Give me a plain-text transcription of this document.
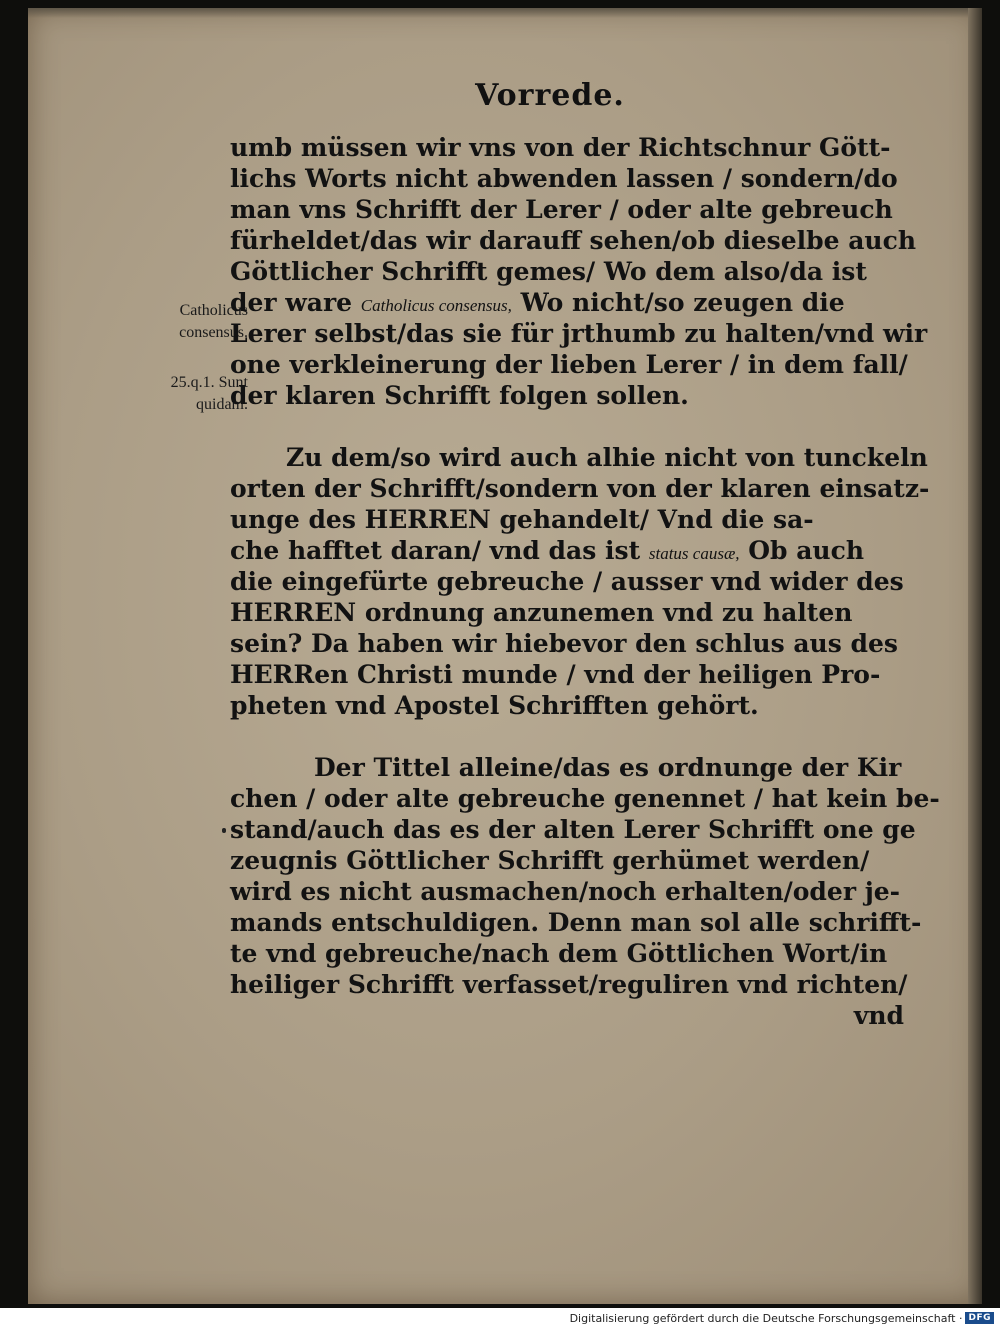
Vorrede.
Catholicus
consensus.
25.q.1. Sunt
quidam.
umb müssen wir vns von der Richtschnur Gött-
lichs Worts nicht abwenden lassen / sondern/do
man vns Schrifft der Lerer / oder alte gebreuch
fürheldet/das wir darauff sehen/ob dieselbe auch
Göttlicher Schrifft gemes/ Wo dem also/da ist
der ware Catholicus consensus, Wo nicht/so zeugen die
Lerer selbst/das sie für jrthumb zu halten/vnd wir
one verkleinerung der lieben Lerer / in dem fall/
der klaren Schrifft folgen sollen.
Zu dem/so wird auch alhie nicht von tunckeln
orten der Schrifft/sondern von der klaren einsatz-
unge des HERREN gehandelt/ Vnd die sa-
che hafftet daran/ vnd das ist status causæ, Ob auch
die eingefürte gebreuche / ausser vnd wider des
HERREN ordnung anzunemen vnd zu halten
sein? Da haben wir hiebevor den schlus aus des
HERRen Christi munde / vnd der heiligen Pro-
pheten vnd Apostel Schrifften gehört.
Der Tittel alleine/das es ordnunge der Kir
chen / oder alte gebreuche genennet / hat kein be-
stand/auch das es der alten Lerer Schrifft one ge
zeugnis Göttlicher Schrifft gerhümet werden/
wird es nicht ausmachen/noch erhalten/oder je-
mands entschuldigen. Denn man sol alle schrifft-
te vnd gebreuche/nach dem Göttlichen Wort/in
heiliger Schrifft verfasset/reguliren vnd richten/
vnd
Digitalisierung gefördert durch die Deutsche Forschungsgemeinschaft · DFG
